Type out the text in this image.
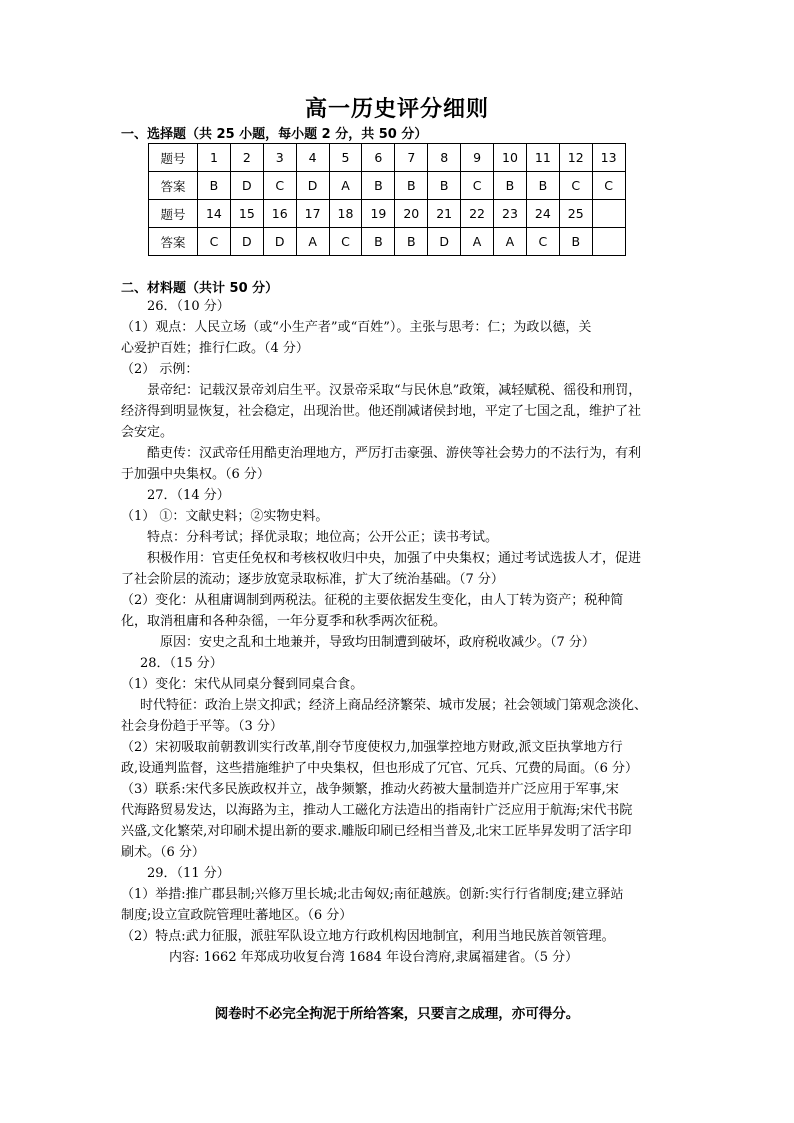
高一历史评分细则
一、选择题（共 25 小题，每小题 2 分，共 50 分）
题号	1	2	3	4	5	6	7	8	9	10	11	12	13
答案	B	D	C	D	A	B	B	B	C	B	B	C	C
题号	14	15	16	17	18	19	20	21	22	23	24	25	
答案	C	D	D	A	C	B	B	D	A	A	C	B	
二、材料题（共计 50 分）
26．（10 分）
（1）观点：人民立场（或“小生产者”或“百姓”）。主张与思考：仁；为政以德，关
心爱护百姓；推行仁政。（4 分）
（2） 示例：
景帝纪：记载汉景帝刘启生平。汉景帝采取“与民休息”政策，减轻赋税、徭役和刑罚，
经济得到明显恢复，社会稳定，出现治世。他还削减诸侯封地，平定了七国之乱，维护了社
会安定。
酷吏传：汉武帝任用酷吏治理地方，严厉打击豪强、游侠等社会势力的不法行为，有利
于加强中央集权。（6 分）
27．（14 分）
（1） ①：文献史料；②实物史料。
特点：分科考试；择优录取；地位高；公开公正；读书考试。
积极作用：官吏任免权和考核权收归中央，加强了中央集权；通过考试选拔人才，促进
了社会阶层的流动；逐步放宽录取标准，扩大了统治基础。（7 分）
（2）变化：从租庸调制到两税法。征税的主要依据发生变化，由人丁转为资产；税种简
化，取消租庸和各种杂徭，一年分夏季和秋季两次征税。
原因：安史之乱和土地兼并，导致均田制遭到破坏，政府税收减少。（7 分）
28．（15 分）
（1）变化：宋代从同桌分餐到同桌合食。
时代特征：政治上崇文抑武；经济上商品经济繁荣、城市发展；社会领域门第观念淡化、
社会身份趋于平等。（3 分）
（2）宋初吸取前朝教训实行改革,削夺节度使权力,加强掌控地方财政,派文臣执掌地方行
政,设通判监督，这些措施维护了中央集权，但也形成了冗官、冗兵、冗费的局面。（6 分）
（3）联系:宋代多民族政权并立，战争频繁，推动火药被大量制造并广泛应用于军事,宋
代海路贸易发达，以海路为主，推动人工磁化方法造出的指南针广泛应用于航海;宋代书院
兴盛,文化繁荣,对印刷术提出新的要求.雕版印刷已经相当普及,北宋工匠毕昇发明了活字印
刷术。（6 分）
29．（11 分）
（1）举措:推广郡县制;兴修万里长城;北击匈奴;南征越族。创新:实行行省制度;建立驿站
制度;设立宣政院管理吐蕃地区。（6 分）
（2）特点:武力征服，派驻军队设立地方行政机构因地制宜，利用当地民族首领管理。
内容: 1662 年郑成功收复台湾 1684 年设台湾府,隶属福建省。（5 分）
阅卷时不必完全拘泥于所给答案，只要言之成理，亦可得分。
